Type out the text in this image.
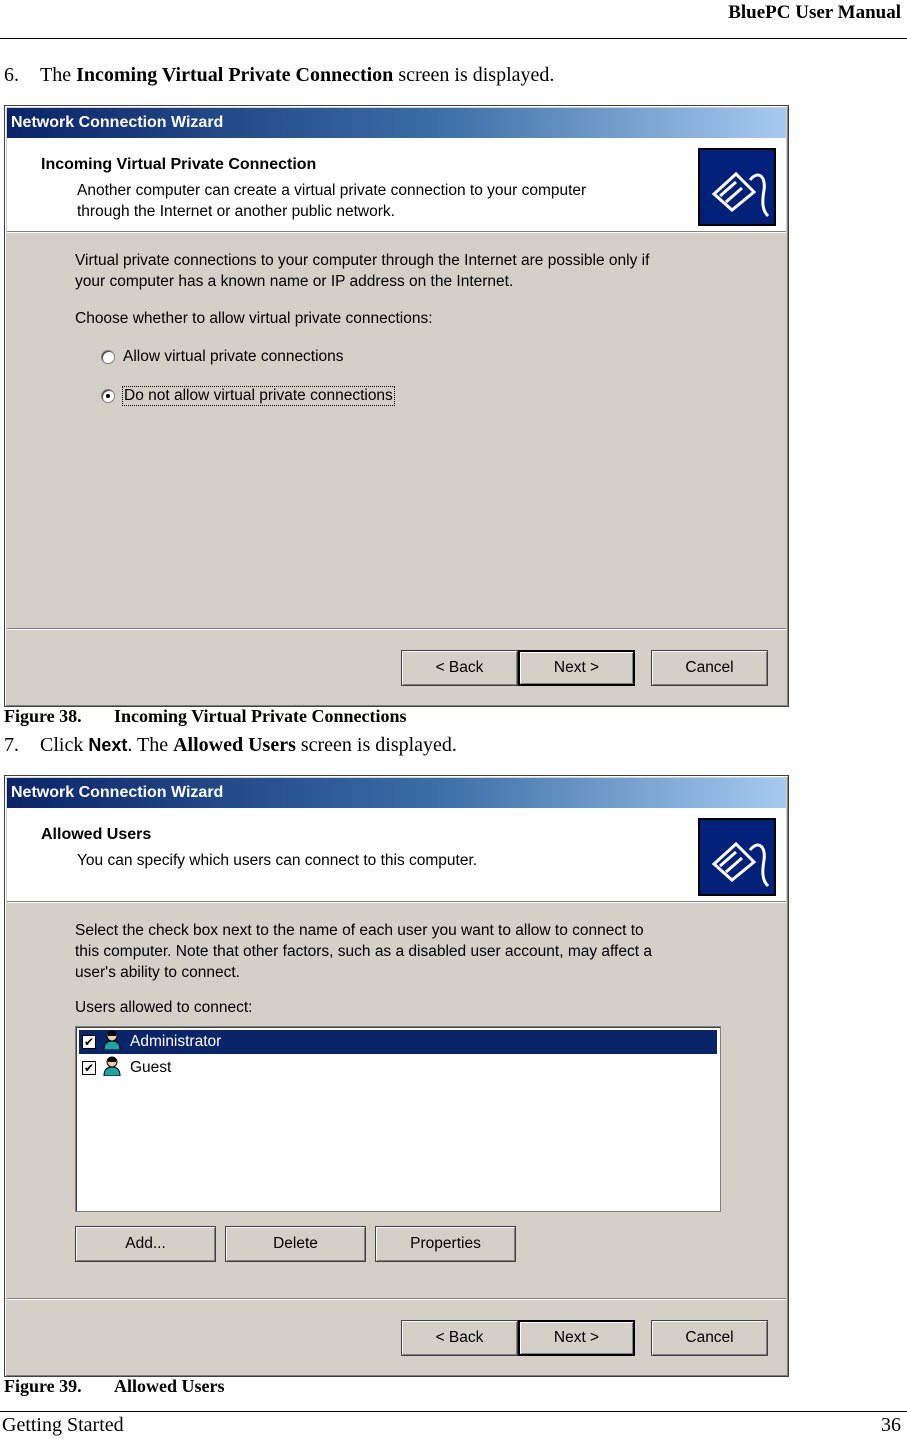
BluePC User Manual
6. The Incoming Virtual Private Connection screen is displayed.
Network Connection Wizard
Incoming Virtual Private Connection
Another computer can create a virtual private connection to your computer
through the Internet or another public network.
Virtual private connections to your computer through the Internet are possible only if
your computer has a known name or IP address on the Internet.
Choose whether to allow virtual private connections:
Allow virtual private connections
Do not allow virtual private connections
< Back	Next >	Cancel
Figure 38. Incoming Virtual Private Connections
7. Click Next. The Allowed Users screen is displayed.
Network Connection Wizard
Allowed Users
You can specify which users can connect to this computer.
Select the check box next to the name of each user you want to allow to connect to
this computer. Note that other factors, such as a disabled user account, may affect a
user's ability to connect.
Users allowed to connect:
✔ Administrator
✔ Guest
Add...	Delete	Properties
< Back	Next >	Cancel
Figure 39. Allowed Users
Getting Started	36
